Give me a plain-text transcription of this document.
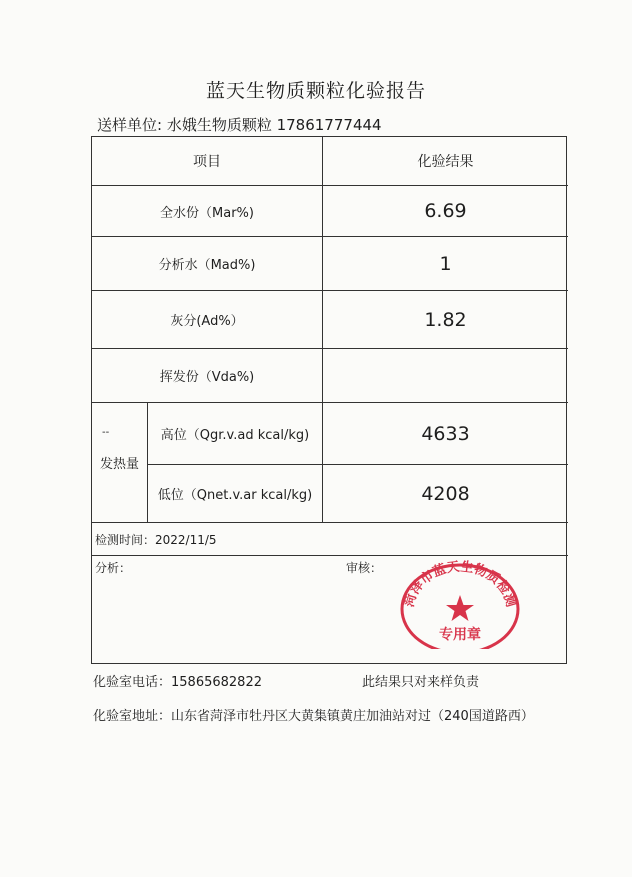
蓝天生物质颗粒化验报告
送样单位: 水娥生物质颗粒 17861777444
项目	化验结果
全水份（Mar%)	6.69
分析水（Mad%)	1
灰分(Ad%）	1.82
挥发份（Vda%)
--
发热量
高位（Qgr.v.ad kcal/kg)	4633
低位（Qnet.v.ar kcal/kg)	4208
检测时间：2022/11/5
分析：	审核：
菏泽市蓝天生物质检测
专用章
化验室电话：15865682822	此结果只对来样负责
化验室地址：山东省菏泽市牡丹区大黄集镇黄庄加油站对过（240国道路西）
